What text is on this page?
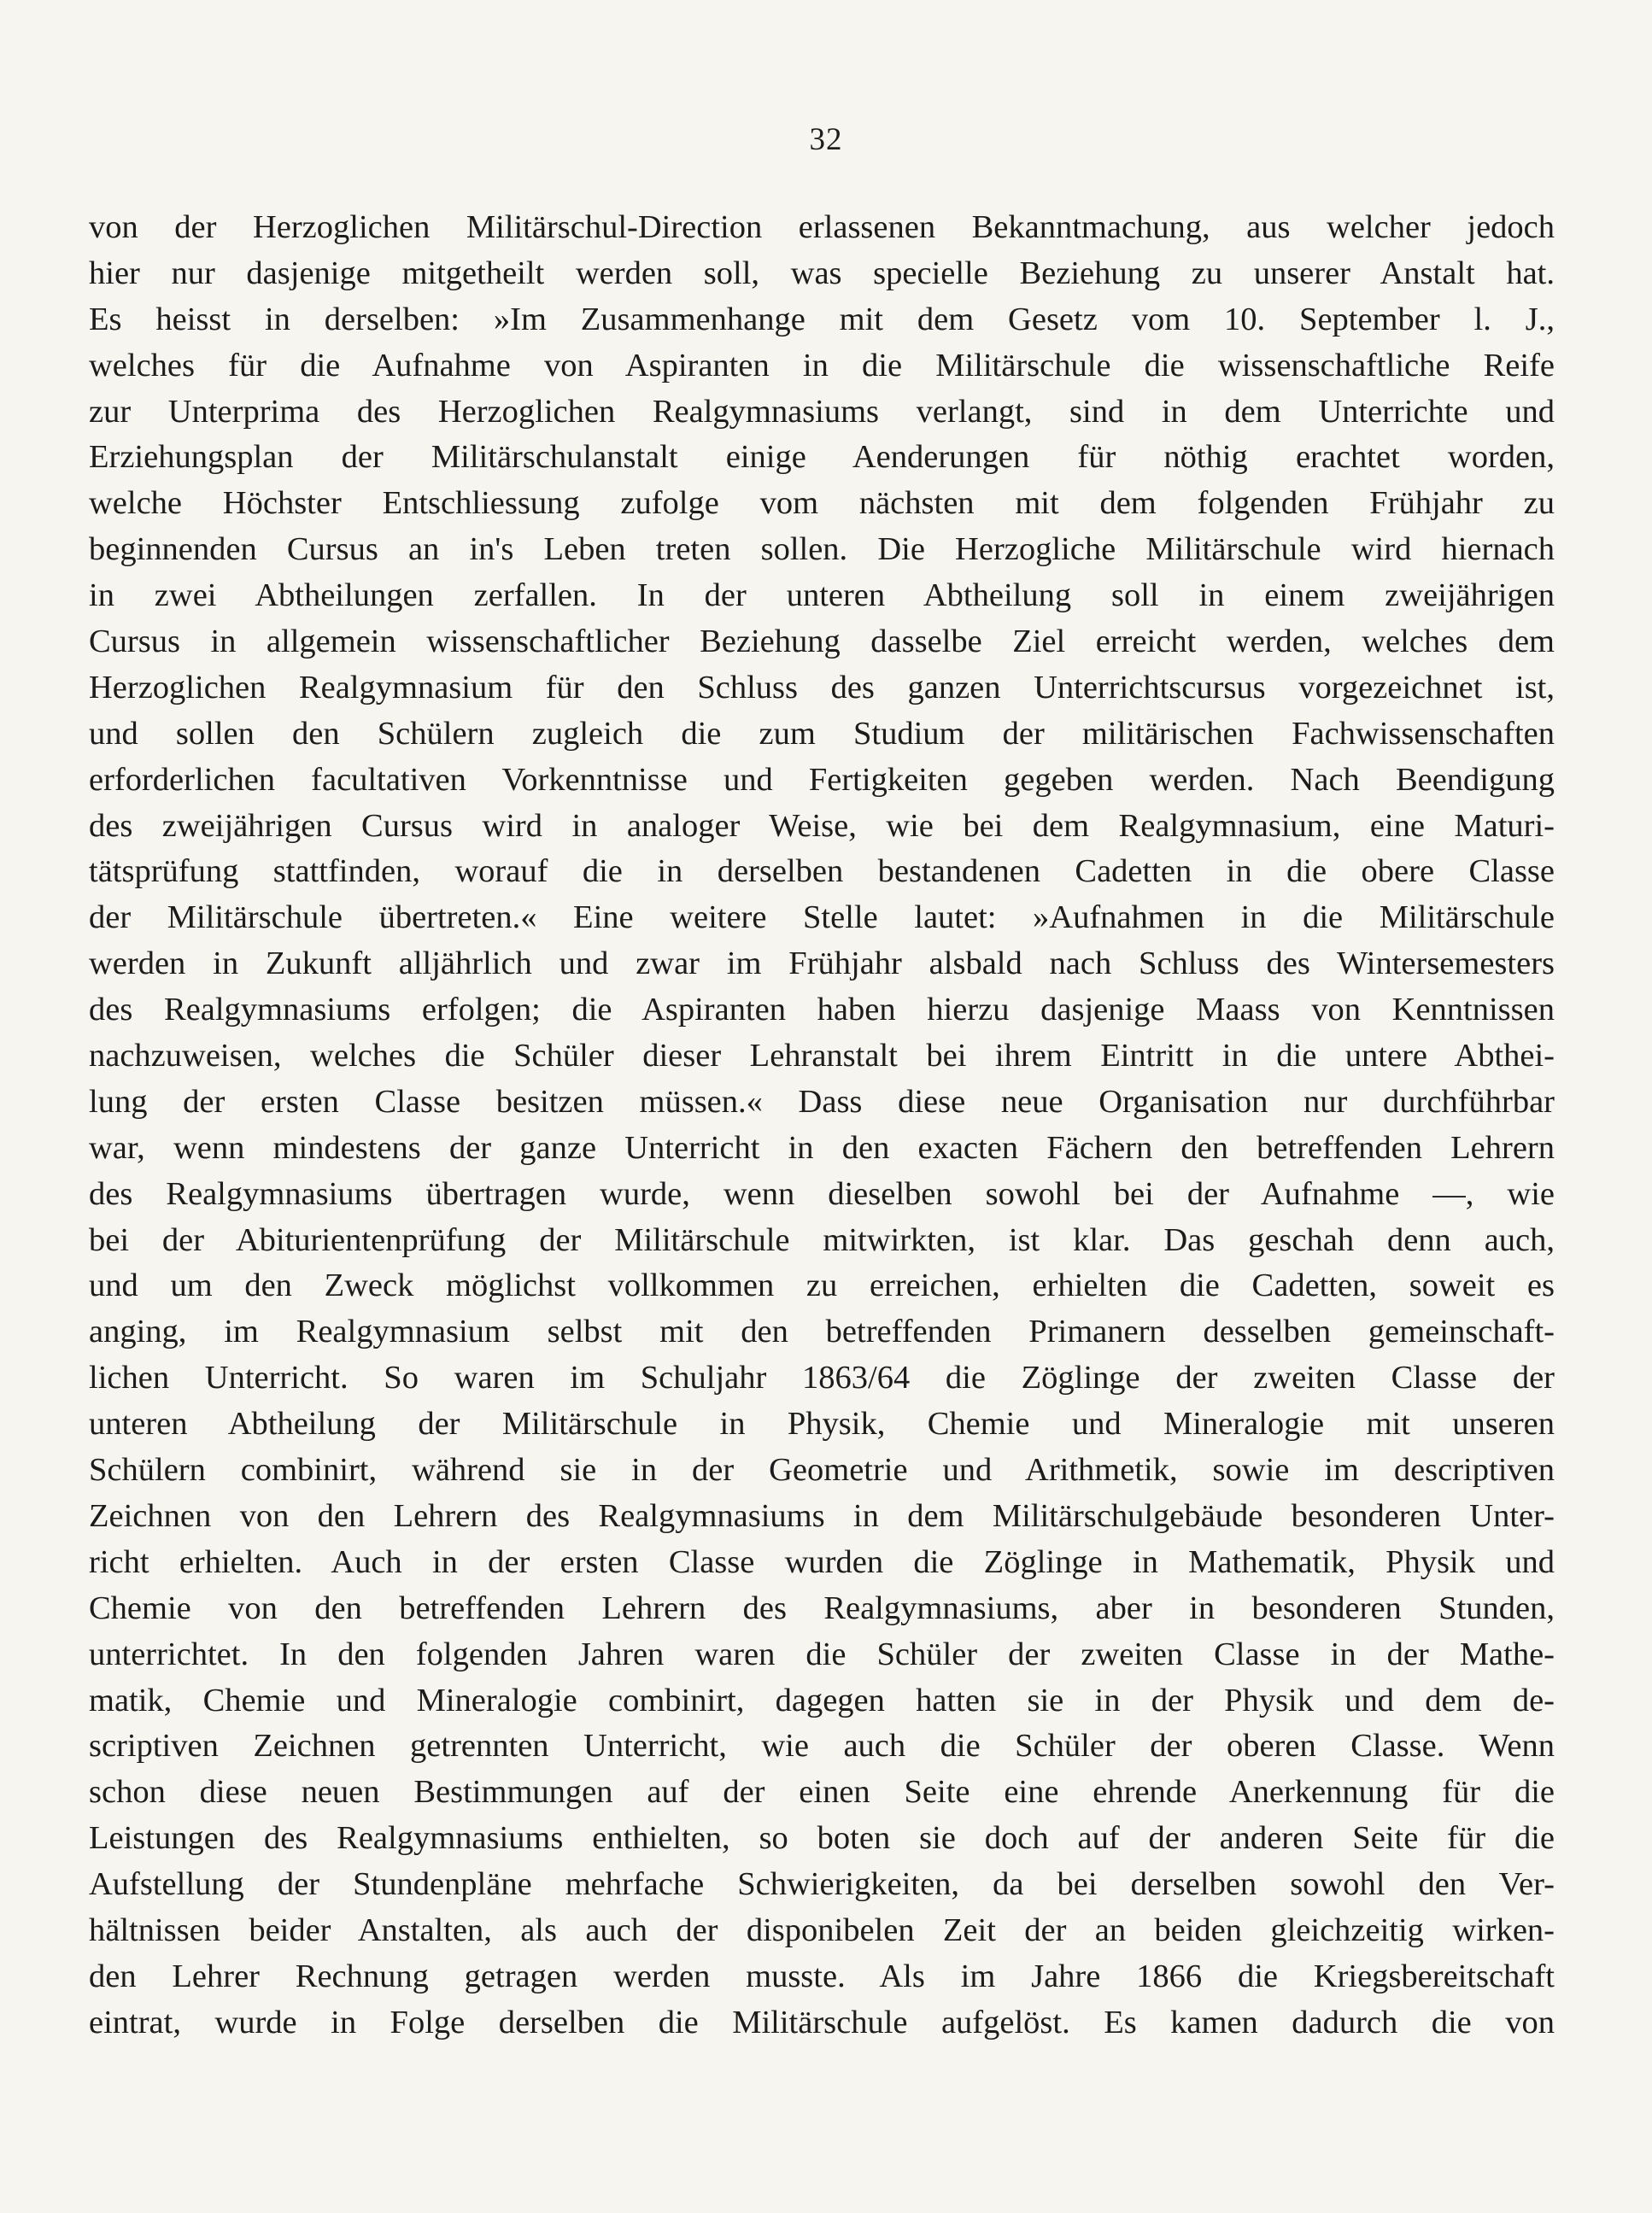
32
von der Herzoglichen Militärschul-Direction erlassenen Bekanntmachung, aus welcher jedoch
hier nur dasjenige mitgetheilt werden soll, was specielle Beziehung zu unserer Anstalt hat.
Es heisst in derselben: »Im Zusammenhange mit dem Gesetz vom 10. September l. J.,
welches für die Aufnahme von Aspiranten in die Militärschule die wissenschaftliche Reife
zur Unterprima des Herzoglichen Realgymnasiums verlangt, sind in dem Unterrichte und
Erziehungsplan der Militärschulanstalt einige Aenderungen für nöthig erachtet worden,
welche Höchster Entschliessung zufolge vom nächsten mit dem folgenden Frühjahr zu
beginnenden Cursus an in's Leben treten sollen. Die Herzogliche Militärschule wird hiernach
in zwei Abtheilungen zerfallen. In der unteren Abtheilung soll in einem zweijährigen
Cursus in allgemein wissenschaftlicher Beziehung dasselbe Ziel erreicht werden, welches dem
Herzoglichen Realgymnasium für den Schluss des ganzen Unterrichtscursus vorgezeichnet ist,
und sollen den Schülern zugleich die zum Studium der militärischen Fachwissenschaften
erforderlichen facultativen Vorkenntnisse und Fertigkeiten gegeben werden. Nach Beendigung
des zweijährigen Cursus wird in analoger Weise, wie bei dem Realgymnasium, eine Maturi-
tätsprüfung stattfinden, worauf die in derselben bestandenen Cadetten in die obere Classe
der Militärschule übertreten.« Eine weitere Stelle lautet: »Aufnahmen in die Militärschule
werden in Zukunft alljährlich und zwar im Frühjahr alsbald nach Schluss des Wintersemesters
des Realgymnasiums erfolgen; die Aspiranten haben hierzu dasjenige Maass von Kenntnissen
nachzuweisen, welches die Schüler dieser Lehranstalt bei ihrem Eintritt in die untere Abthei-
lung der ersten Classe besitzen müssen.« Dass diese neue Organisation nur durchführbar
war, wenn mindestens der ganze Unterricht in den exacten Fächern den betreffenden Lehrern
des Realgymnasiums übertragen wurde, wenn dieselben sowohl bei der Aufnahme —, wie
bei der Abiturientenprüfung der Militärschule mitwirkten, ist klar. Das geschah denn auch,
und um den Zweck möglichst vollkommen zu erreichen, erhielten die Cadetten, soweit es
anging, im Realgymnasium selbst mit den betreffenden Primanern desselben gemeinschaft-
lichen Unterricht. So waren im Schuljahr 1863/64 die Zöglinge der zweiten Classe der
unteren Abtheilung der Militärschule in Physik, Chemie und Mineralogie mit unseren
Schülern combinirt, während sie in der Geometrie und Arithmetik, sowie im descriptiven
Zeichnen von den Lehrern des Realgymnasiums in dem Militärschulgebäude besonderen Unter-
richt erhielten. Auch in der ersten Classe wurden die Zöglinge in Mathematik, Physik und
Chemie von den betreffenden Lehrern des Realgymnasiums, aber in besonderen Stunden,
unterrichtet. In den folgenden Jahren waren die Schüler der zweiten Classe in der Mathe-
matik, Chemie und Mineralogie combinirt, dagegen hatten sie in der Physik und dem de-
scriptiven Zeichnen getrennten Unterricht, wie auch die Schüler der oberen Classe. Wenn
schon diese neuen Bestimmungen auf der einen Seite eine ehrende Anerkennung für die
Leistungen des Realgymnasiums enthielten, so boten sie doch auf der anderen Seite für die
Aufstellung der Stundenpläne mehrfache Schwierigkeiten, da bei derselben sowohl den Ver-
hältnissen beider Anstalten, als auch der disponibelen Zeit der an beiden gleichzeitig wirken-
den Lehrer Rechnung getragen werden musste. Als im Jahre 1866 die Kriegsbereitschaft
eintrat, wurde in Folge derselben die Militärschule aufgelöst. Es kamen dadurch die von
